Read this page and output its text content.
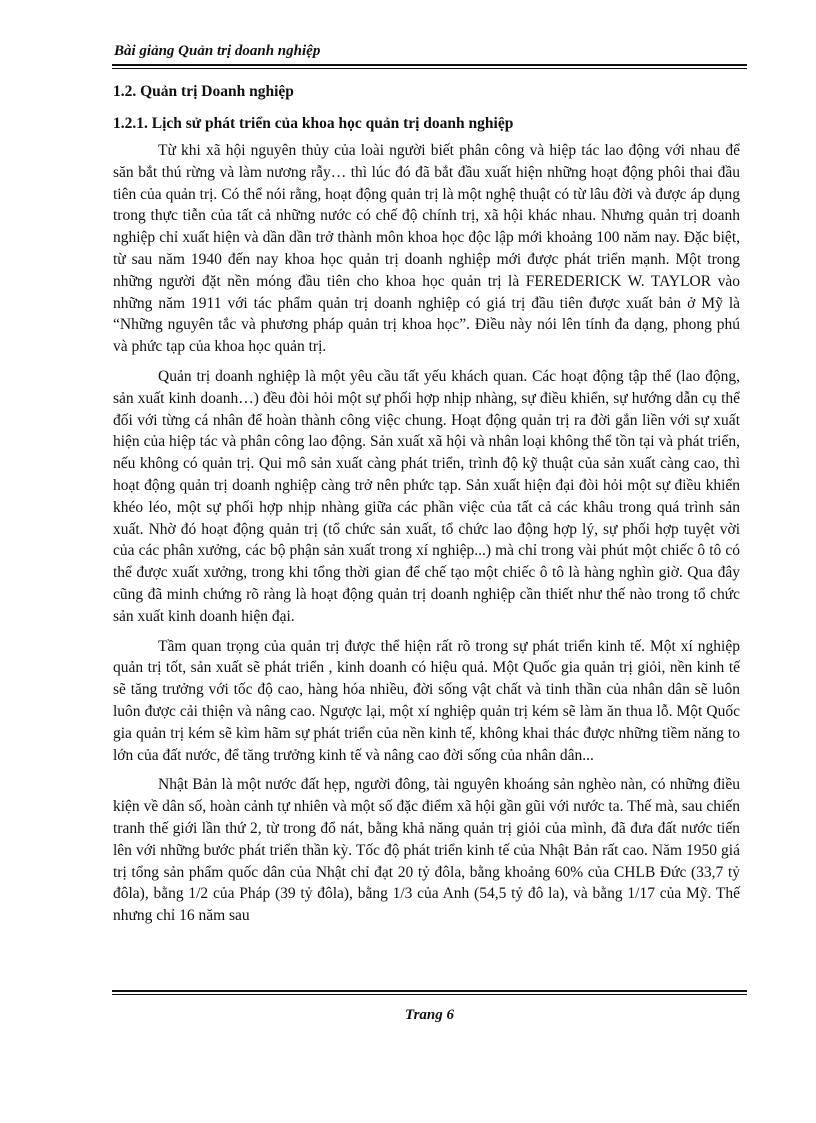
Bài giảng Quản trị doanh nghiệp

1.2. Quản trị Doanh nghiệp

1.2.1. Lịch sử phát triển của khoa học quản trị doanh nghiệp

Từ khi xã hội nguyên thủy của loài người biết phân công và hiệp tác lao động với nhau để săn bắt thú rừng và làm nương rẫy… thì lúc đó đã bắt đầu xuất hiện những hoạt động phôi thai đầu tiên của quản trị. Có thể nói rằng, hoạt động quản trị là một nghệ thuật có từ lâu đời và được áp dụng trong thực tiễn của tất cả những nước có chế độ chính trị, xã hội khác nhau. Nhưng quản trị doanh nghiệp chỉ xuất hiện và dần dần trở thành môn khoa học độc lập mới khoảng 100 năm nay. Đặc biệt, từ sau năm 1940 đến nay khoa học quản trị doanh nghiệp mới được phát triển mạnh. Một trong những người đặt nền móng đầu tiên cho khoa học quản trị là FEREDERICK W. TAYLOR vào những năm 1911 với tác phẩm quản trị doanh nghiệp có giá trị đầu tiên được xuất bản ở Mỹ là “Những nguyên tắc và phương pháp quản trị khoa học”. Điều này nói lên tính đa dạng, phong phú và phức tạp của khoa học quản trị.

Quản trị doanh nghiệp là một yêu cầu tất yếu khách quan. Các hoạt động tập thể (lao động, sản xuất kinh doanh…) đều đòi hỏi một sự phối hợp nhịp nhàng, sự điều khiển, sự hướng dẫn cụ thể đối với từng cá nhân để hoàn thành công việc chung. Hoạt động quản trị ra đời gắn liền với sự xuất hiện của hiệp tác và phân công lao động. Sản xuất xã hội và nhân loại không thể tồn tại và phát triển, nếu không có quản trị. Qui mô sản xuất càng phát triển, trình độ kỹ thuật của sản xuất càng cao, thì hoạt động quản trị doanh nghiệp càng trở nên phức tạp. Sản xuất hiện đại đòi hỏi một sự điều khiển khéo léo, một sự phối hợp nhịp nhàng giữa các phần việc của tất cả các khâu trong quá trình sản xuất. Nhờ đó hoạt động quản trị (tổ chức sản xuất, tổ chức lao động hợp lý, sự phối hợp tuyệt vời của các phân xưởng, các bộ phận sản xuất trong xí nghiệp...) mà chỉ trong vài phút một chiếc ô tô có thể được xuất xưởng, trong khi tổng thời gian để chế tạo một chiếc ô tô là hàng nghìn giờ. Qua đây cũng đã minh chứng rõ ràng là hoạt động quản trị doanh nghiệp cần thiết như thế nào trong tổ chức sản xuất kinh doanh hiện đại.

Tầm quan trọng của quản trị được thể hiện rất rõ trong sự phát triển kinh tế. Một xí nghiệp quản trị tốt, sản xuất sẽ phát triển , kinh doanh có hiệu quả. Một Quốc gia quản trị giỏi, nền kinh tế sẽ tăng trưởng với tốc độ cao, hàng hóa nhiều, đời sống vật chất và tinh thần của nhân dân sẽ luôn luôn được cải thiện và nâng cao. Ngược lại, một xí nghiệp quản trị kém sẽ làm ăn thua lỗ. Một Quốc gia quản trị kém sẽ kìm hãm sự phát triển của nền kinh tế, không khai thác được những tiềm năng to lớn của đất nước, để tăng trưởng kinh tế và nâng cao đời sống của nhân dân...

Nhật Bản là một nước đất hẹp, người đông, tài nguyên khoáng sản nghèo nàn, có những điều kiện về dân số, hoàn cảnh tự nhiên và một số đặc điểm xã hội gần gũi với nước ta. Thế mà, sau chiến tranh thế giới lần thứ 2, từ trong đổ nát, bằng khả năng quản trị giỏi của mình, đã đưa đất nước tiến lên với những bước phát triển thần kỳ. Tốc độ phát triển kinh tế của Nhật Bản rất cao. Năm 1950 giá trị tổng sản phẩm quốc dân của Nhật chỉ đạt 20 tỷ đôla, bằng khoảng 60% của CHLB Đức (33,7 tỷ đôla), bằng 1/2 của Pháp (39 tỷ đôla), bằng 1/3 của Anh (54,5 tỷ đô la), và bằng 1/17 của Mỹ. Thế nhưng chỉ 16 năm sau

Trang 6
